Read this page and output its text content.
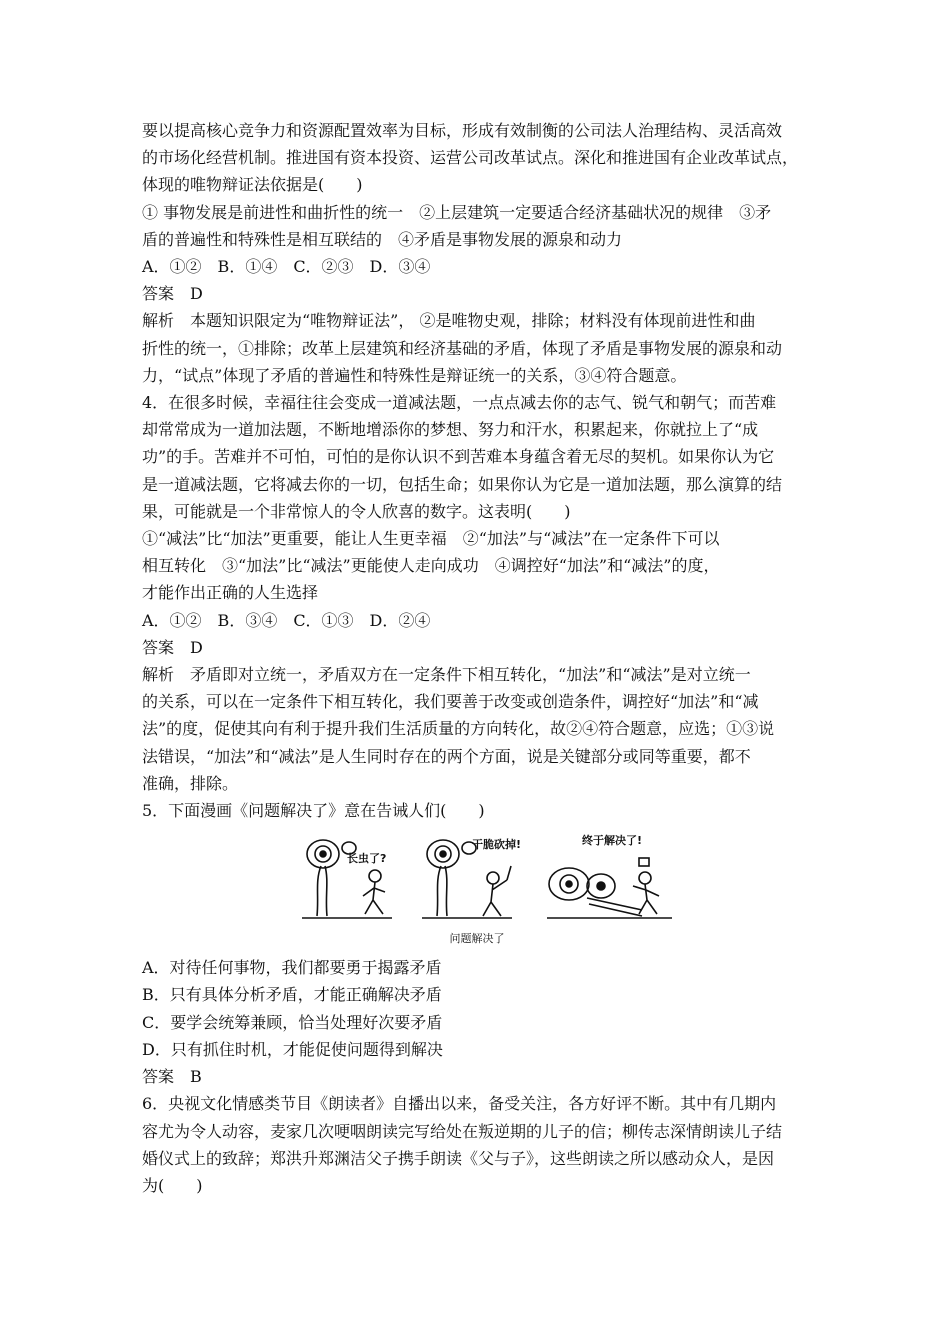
要以提高核心竞争力和资源配置效率为目标，形成有效制衡的公司法人治理结构、灵活高效
的市场化经营机制。推进国有资本投资、运营公司改革试点。深化和推进国有企业改革试点，
体现的唯物辩证法依据是(　　)
① 事物发展是前进性和曲折性的统一　②上层建筑一定要适合经济基础状况的规律　③矛
盾的普遍性和特殊性是相互联结的　④矛盾是事物发展的源泉和动力
A．①②　B．①④　C．②③　D．③④
答案　D
解析　本题知识限定为“唯物辩证法”， ②是唯物史观，排除；材料没有体现前进性和曲
折性的统一，①排除；改革上层建筑和经济基础的矛盾，体现了矛盾是事物发展的源泉和动
力，“试点”体现了矛盾的普遍性和特殊性是辩证统一的关系，③④符合题意。
4．在很多时候，幸福往往会变成一道减法题，一点点减去你的志气、锐气和朝气；而苦难
却常常成为一道加法题，不断地增添你的梦想、努力和汗水，积累起来，你就拉上了“成
功”的手。苦难并不可怕，可怕的是你认识不到苦难本身蕴含着无尽的契机。如果你认为它
是一道减法题，它将减去你的一切，包括生命；如果你认为它是一道加法题，那么演算的结
果，可能就是一个非常惊人的令人欣喜的数字。这表明(　　)
①“减法”比“加法”更重要，能让人生更幸福　②“加法”与“减法”在一定条件下可以
相互转化　③“加法”比“减法”更能使人走向成功　④调控好“加法”和“减法”的度，
才能作出正确的人生选择
A．①②　B．③④　C．①③　D．②④
答案　D
解析　矛盾即对立统一，矛盾双方在一定条件下相互转化，“加法”和“减法”是对立统一
的关系，可以在一定条件下相互转化，我们要善于改变或创造条件，调控好“加法”和“减
法”的度，促使其向有利于提升我们生活质量的方向转化，故②④符合题意，应选；①③说
法错误，“加法”和“减法”是人生同时存在的两个方面，说是关键部分或同等重要，都不
准确，排除。
5．下面漫画《问题解决了》意在告诫人们(　　)
长虫了?
干脆砍掉!	终于解决了!
问题解决了
A．对待任何事物，我们都要勇于揭露矛盾
B．只有具体分析矛盾，才能正确解决矛盾
C．要学会统筹兼顾，恰当处理好次要矛盾
D．只有抓住时机，才能促使问题得到解决
答案　B
6．央视文化情感类节目《朗读者》自播出以来，备受关注，各方好评不断。其中有几期内
容尤为令人动容，麦家几次哽咽朗读完写给处在叛逆期的儿子的信；柳传志深情朗读儿子结
婚仪式上的致辞；郑洪升郑渊洁父子携手朗读《父与子》，这些朗读之所以感动众人，是因
为(　　)
